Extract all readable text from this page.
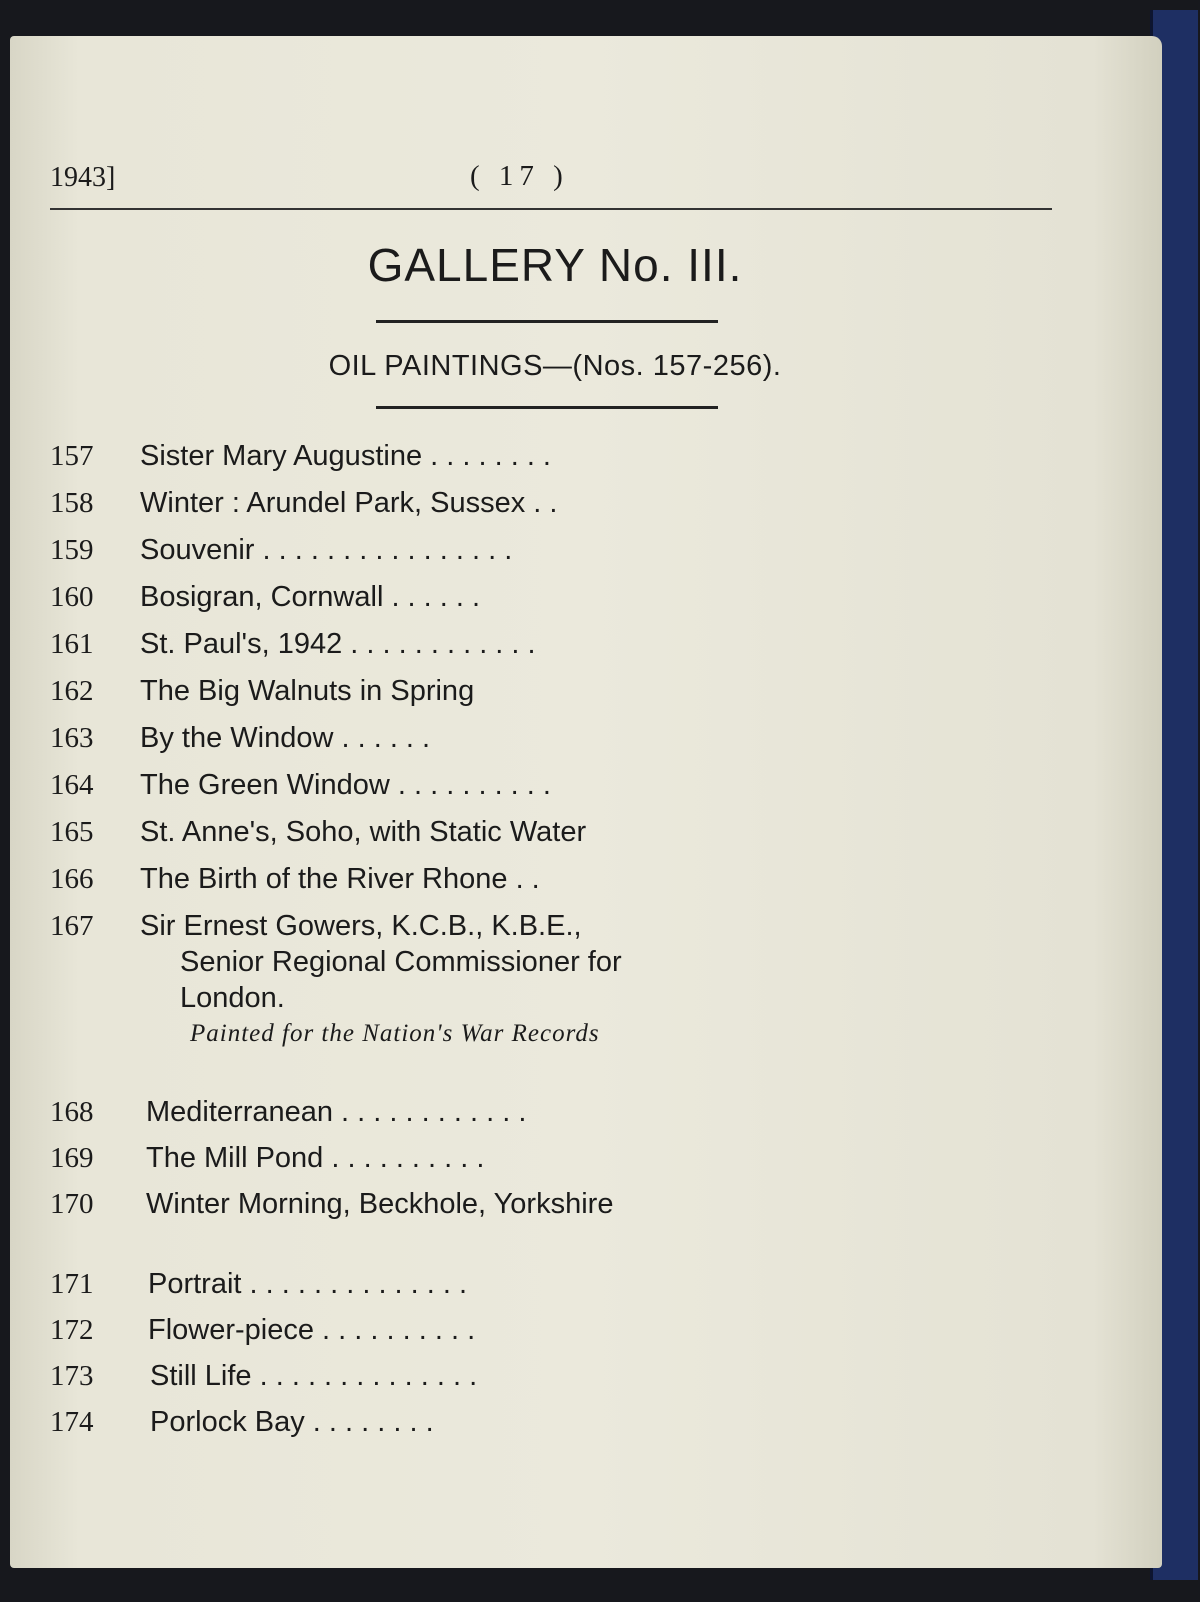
1943]	( 17 )
GALLERY No. III.
OIL PAINTINGS—(Nos. 157-256).
157 Sister Mary Augustine . . . . . . . .
158 Winter : Arundel Park, Sussex . .
159 Souvenir . . . . . . . . . . . . . . . .
160 Bosigran, Cornwall . . . . . .
161 St. Paul's, 1942 . . . . . . . . . . . .
162 The Big Walnuts in Spring
163 By the Window . . . . . .
164 The Green Window . . . . . . . . . .
165 St. Anne's, Soho, with Static Water
166 The Birth of the River Rhone . .
167 Sir Ernest Gowers, K.C.B., K.B.E.,
Senior Regional Commissioner for
London.
Painted for the Nation's War Records
168 Mediterranean . . . . . . . . . . . .
169 The Mill Pond . . . . . . . . . .
170 Winter Morning, Beckhole, Yorkshire
171 Portrait . . . . . . . . . . . . . .
172 Flower-piece . . . . . . . . . .
173 Still Life . . . . . . . . . . . . . .
174 Porlock Bay . . . . . . . .
